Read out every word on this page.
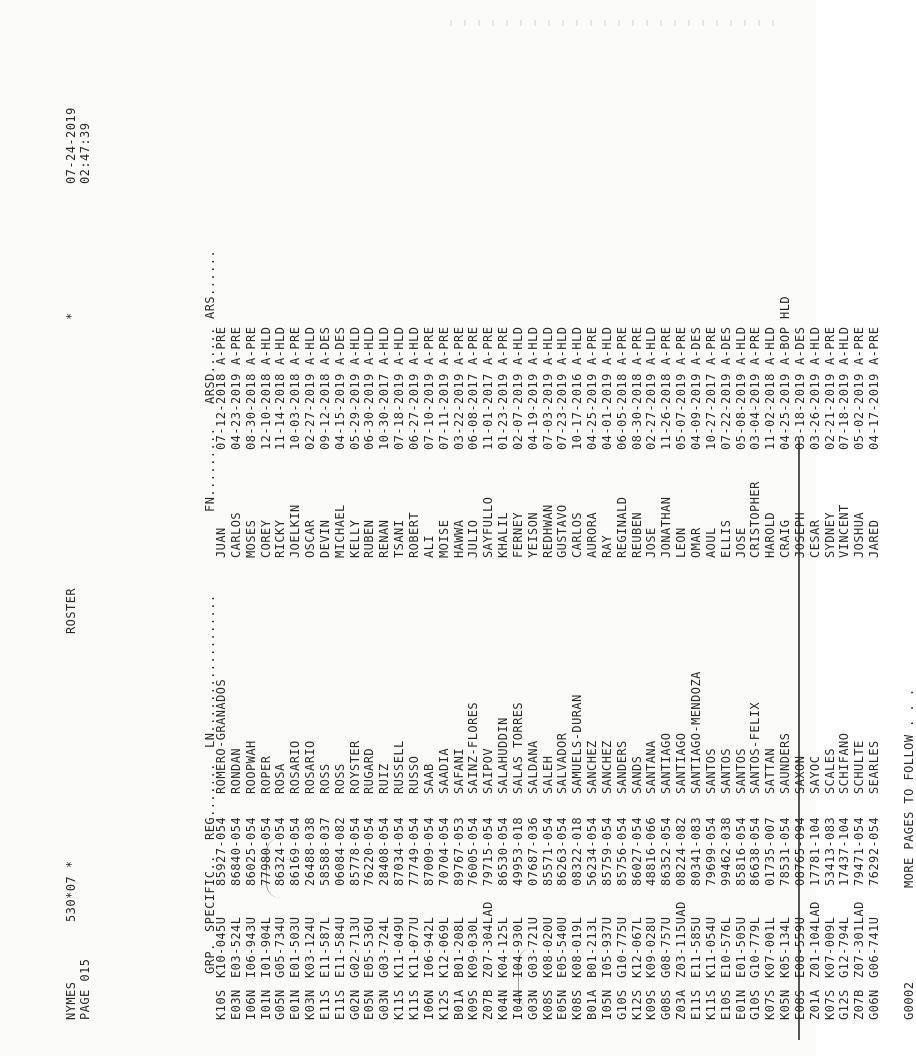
NYMES
530*07 *
PAGE 015
ROSTER
*
07-24-2019 02:47:39

GRP.SPECIFIC..REG.......LN..................FN.........ARSD......ARS......

K10SK10-045U85927-054ROMERO-GRANADOSJUAN07-12-2018A-PRE
E03NE03-524L86840-054RONDANCARLOS04-23-2019A-PRE
I06NI06-943U86025-054ROOPWAHMOSES08-30-2018A-PRE
I01NI01-904L77980-054ROPERCOREY12-10-2018A-HLD
G05NG05-734U86324-054ROSARICKY11-14-2018A-HLD
E01NE01-503U86169-054ROSARIOJOELKIN10-03-2018A-PRE
K03NK03-124U26488-038ROSARIOOSCAR02-27-2019A-HLD
E11SE11-587L58588-037ROSSDEVIN09-12-2018A-DES
E11SE11-584U06084-082ROSSMICHAEL04-15-2019A-DES
G02NG02-713U85778-054ROYSTERKELLY05-29-2019A-HLD
E05NE05-536U76220-054RUGARDRUBEN06-30-2019A-HLD
G03NG03-724L28408-054RUIZRENAN10-30-2017A-HLD
K11SK11-049U87034-054RUSSELLTSANI07-18-2019A-HLD
K11SK11-077U77749-054RUSSOROBERT06-27-2019A-HLD
I06NI06-942L87009-054SAABALI07-10-2019A-PRE
K12SK12-069L70704-054SAADIAMOISE07-11-2019A-PRE
B01AB01-208L89767-053SAFANIHAWWA03-22-2019A-PRE
K09SK09-030L76005-054SAINZ-FLORESJULIO06-08-2017A-PRE
Z07BZ07-304LAD79715-054SAIPOVSAYFULLO11-01-2017A-PRE
K04NK04-125L86530-054SALAHUDDINKHALIL01-23-2019A-PRE
I04NI04-930L49953-018SALAS TORRESFERNEY02-07-2019A-HLD
G03NG03-721U07687-036SALDANAYEISON04-19-2019A-HLD
K08SK08-020U85571-054SALEHREDHWAN07-03-2019A-HLD
E05NE05-540U86263-054SALVADORGUSTAVO07-23-2019A-HLD
K08SK08-019L08322-018SAMUELS-DURANCARLOS10-17-2016A-HLD
B01AB01-213L56234-054SANCHEZAURORA04-25-2019A-PRE
I05NI05-937U85759-054SANCHEZRAY04-01-2019A-HLD
G10SG10-775U85756-054SANDERSREGINALD06-05-2018A-PRE
K12SK12-067L86027-054SANDSREUBEN08-30-2018A-PRE
K09SK09-028U48816-066SANTANAJOSE02-27-2019A-HLD
G08SG08-757U86352-054SANTIAGOJONATHAN11-26-2018A-PRE
Z03AZ03-115UAD08224-082SANTIAGOLEON05-07-2019A-PRE
E11SE11-585U80341-083SANTIAGO-MENDOZAOMAR04-09-2019A-DES
K11SK11-054U79699-054SANTOSAOUL10-27-2017A-PRE
E10SE10-576L99462-038SANTOSELLIS07-22-2019A-DES
E01NE01-505U85816-054SANTOSJOSE05-08-2019A-HLD
G10SG10-779L86638-054SANTOS-FELIXCRISTOPHER03-04-2019A-PRE
K07SK07-001L01735-007SATTANHAROLD11-02-2018A-HLD
K05NK05-134L78531-054SAUNDERSCRAIG04-25-2019A-BOP HLD
E08SE08-559U08765-094SAXONJOSEPH03-18-2019A-DES
Z01AZ01-104LAD17781-104SAYOCCESAR03-26-2019A-HLD
K07SK07-009L53413-083SCALESSYDNEY02-21-2019A-PRE
G12SG12-794L17437-104SCHIFANOVINCENT07-18-2019A-HLD
Z07BZ07-301LAD79471-054SCHULTEJOSHUA05-02-2019A-PRE
G06NG06-741U76292-054SEARLESJARED04-17-2019A-PRE
G0002
MORE PAGES TO FOLLOW . . .
